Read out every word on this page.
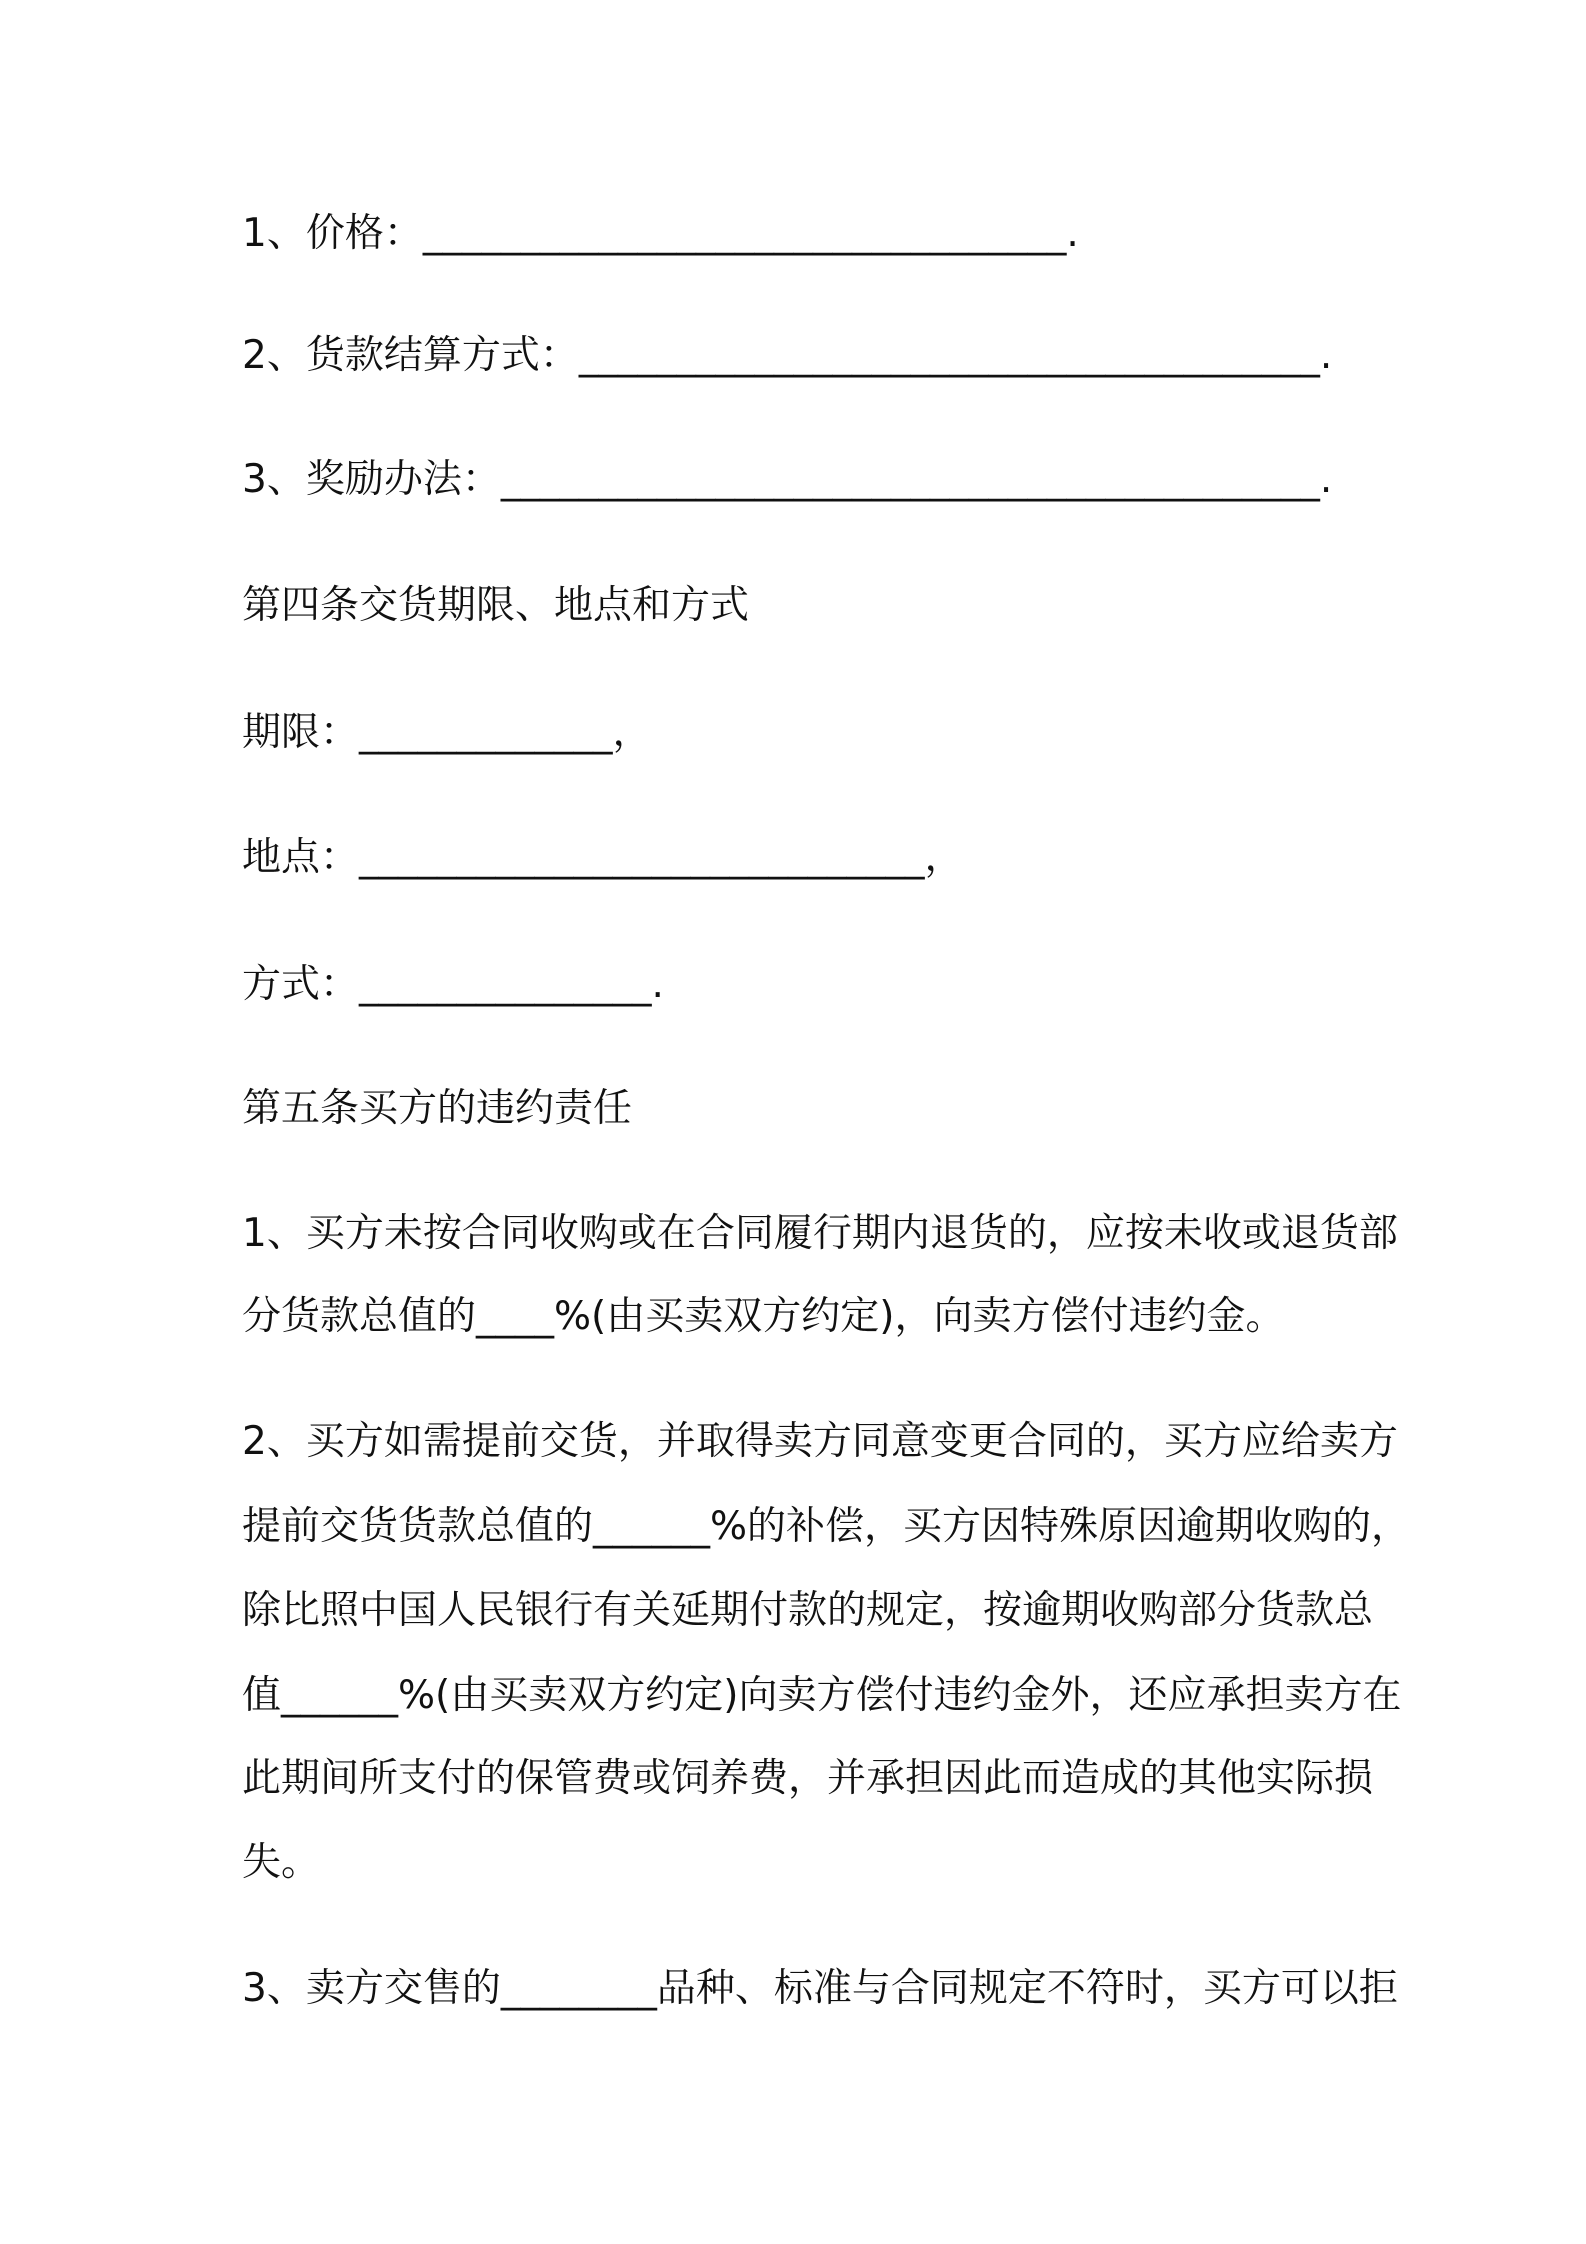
1、价格：_________________________________.
2、货款结算方式：______________________________________.
3、奖励办法：__________________________________________.
第四条交货期限、地点和方式
期限：_____________，
地点：_____________________________，
方式：_______________.
第五条买方的违约责任
1、买方未按合同收购或在合同履行期内退货的，应按未收或退货部
分货款总值的____%(由买卖双方约定)，向卖方偿付违约金。
2、买方如需提前交货，并取得卖方同意变更合同的，买方应给卖方
提前交货货款总值的______%的补偿，买方因特殊原因逾期收购的，
除比照中国人民银行有关延期付款的规定，按逾期收购部分货款总
值______%(由买卖双方约定)向卖方偿付违约金外，还应承担卖方在
此期间所支付的保管费或饲养费，并承担因此而造成的其他实际损
失。
3、卖方交售的________品种、标准与合同规定不符时，买方可以拒
